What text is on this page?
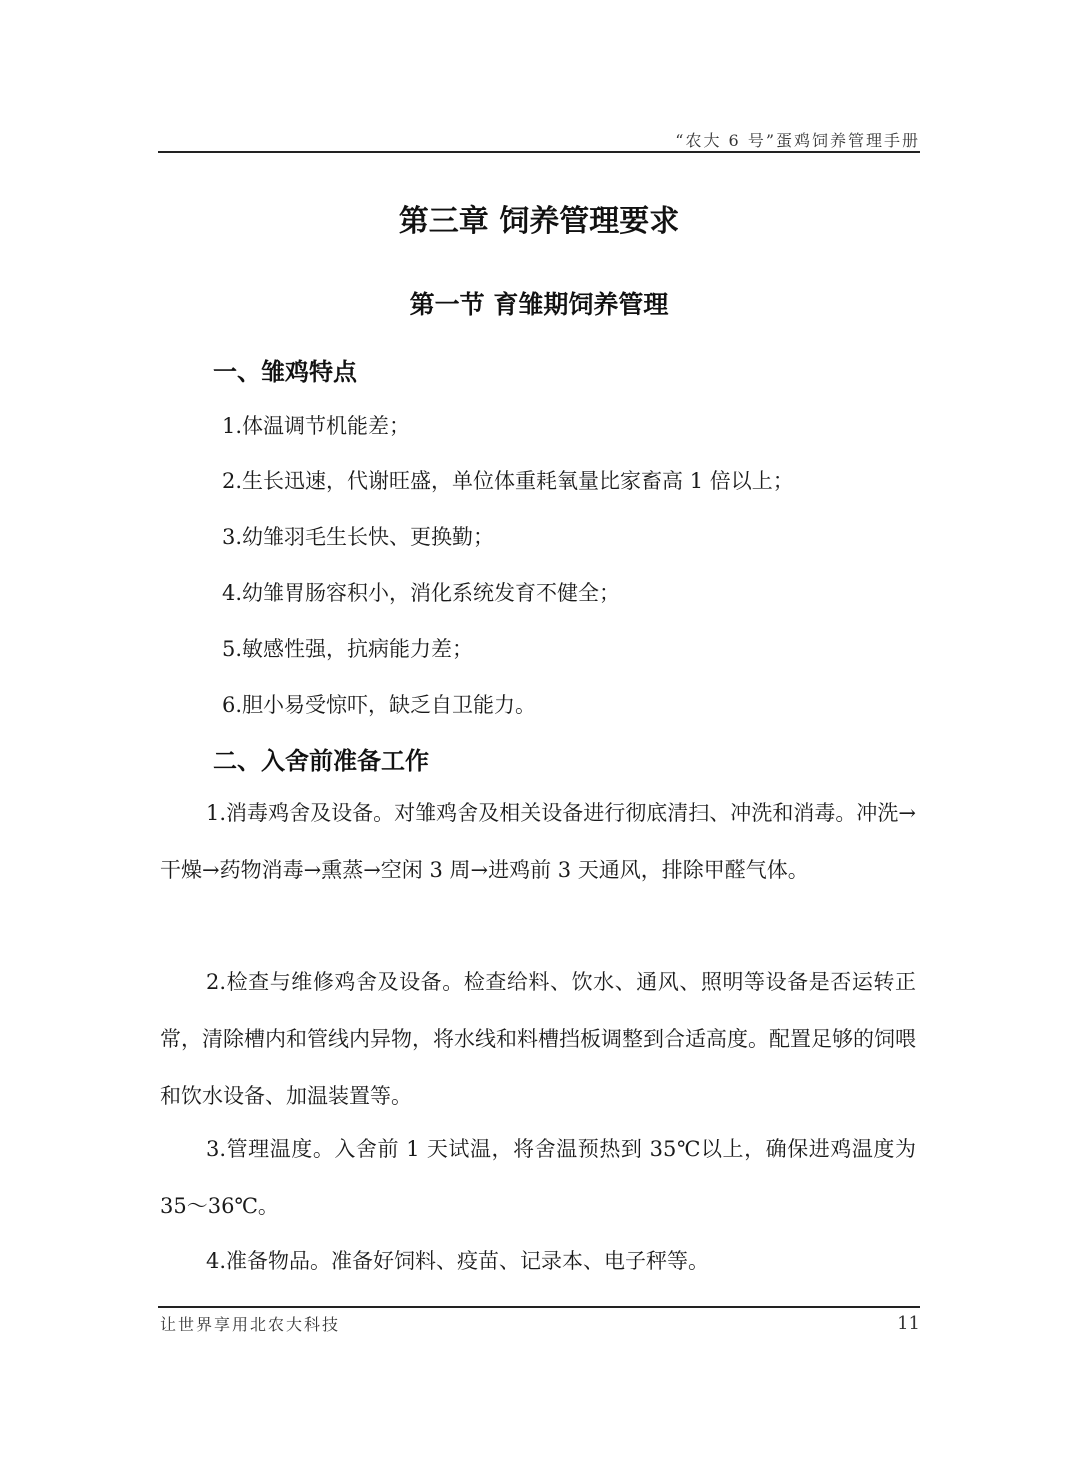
“农大 6 号”蛋鸡饲养管理手册
第三章 饲养管理要求
第一节 育雏期饲养管理
一、雏鸡特点
1.体温调节机能差；
2.生长迅速，代谢旺盛，单位体重耗氧量比家畜高 1 倍以上；
3.幼雏羽毛生长快、更换勤；
4.幼雏胃肠容积小，消化系统发育不健全；
5.敏感性强，抗病能力差；
6.胆小易受惊吓，缺乏自卫能力。
二、入舍前准备工作

1.消毒鸡舍及设备。对雏鸡舍及相关设备进行彻底清扫、冲洗和消毒。冲洗→干燥→药物消毒→熏蒸→空闲 3 周→进鸡前 3 天通风，排除甲醛气体。

2.检查与维修鸡舍及设备。检查给料、饮水、通风、照明等设备是否运转正常，清除槽内和管线内异物，将水线和料槽挡板调整到合适高度。配置足够的饲喂和饮水设备、加温装置等。

3.管理温度。入舍前 1 天试温，将舍温预热到 35℃以上，确保进鸡温度为 35～36℃。

4.准备物品。准备好饲料、疫苗、记录本、电子秤等。

让世界享用北农大科技	11
